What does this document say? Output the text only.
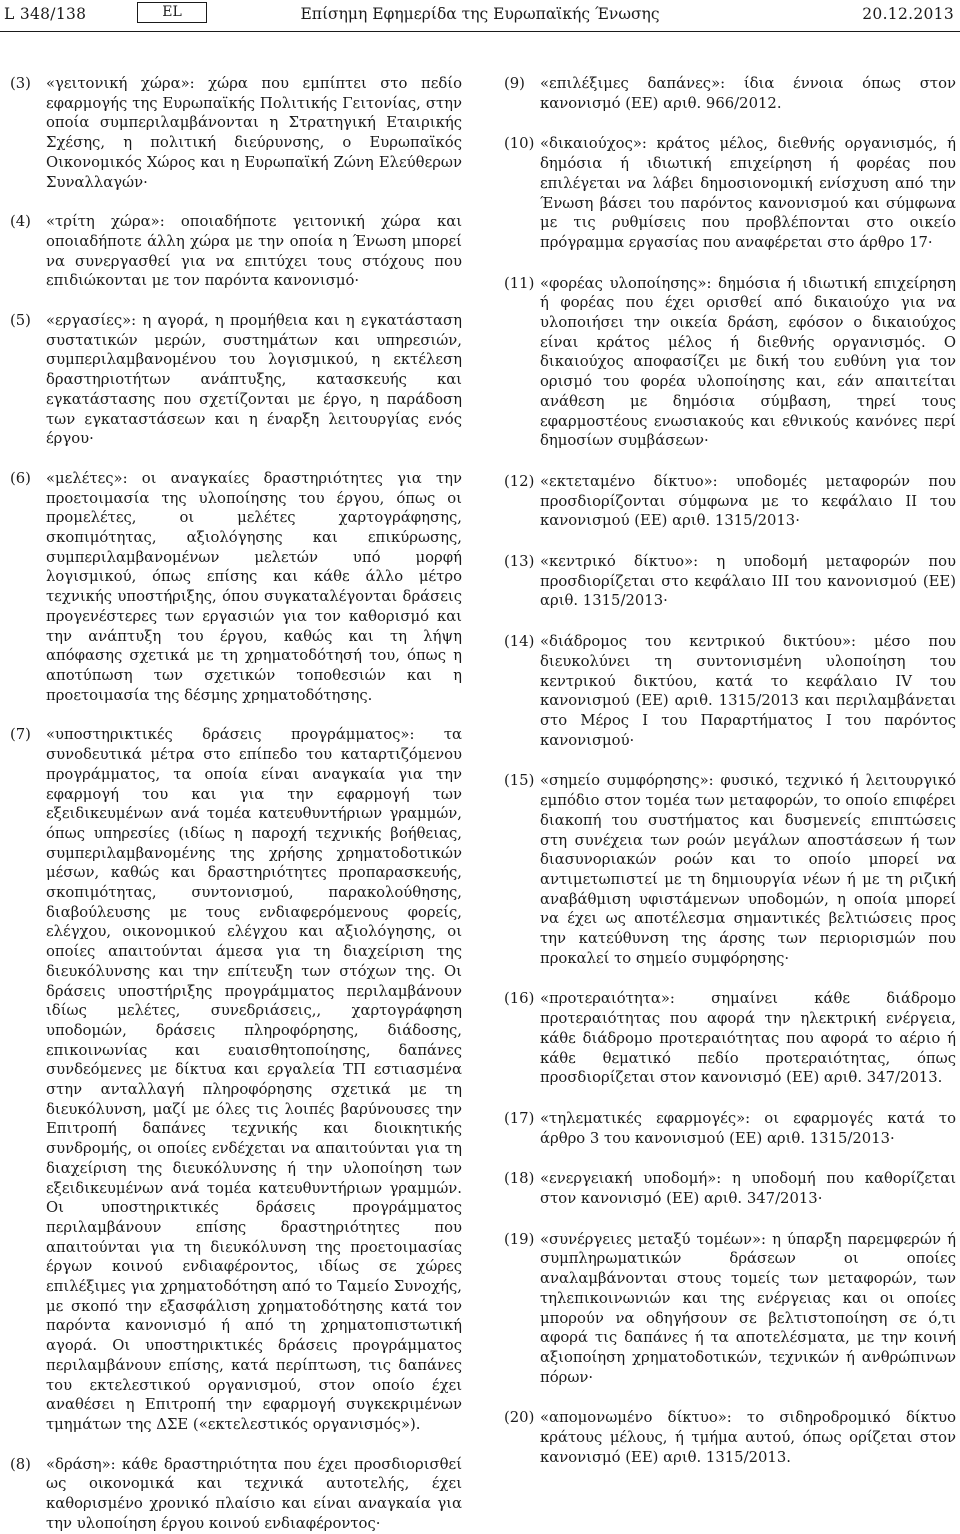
L 348/138	EL	Επίσημη Εφημερίδα της Ευρωπαϊκής Ένωσης	20.12.2013
(3)	«γειτονική χώρα»: χώρα που εμπίπτει στο πεδίο εφαρμογής της Ευρωπαϊκής Πολιτικής Γειτονίας, στην οποία συμπεριλαμβάνονται η Στρατηγική Εταιρικής Σχέσης, η πολιτική διεύρυνσης, ο Ευρωπαϊκός Οικονομικός Χώρος και η Ευρωπαϊκή Ζώνη Ελεύθερων Συναλλαγών·
(4)	«τρίτη χώρα»: οποιαδήποτε γειτονική χώρα και οποιαδήποτε άλλη χώρα με την οποία η Ένωση μπορεί να συνεργασθεί για να επιτύχει τους στόχους που επιδιώκονται με τον παρόντα κανονισμό·
(5)	«εργασίες»: η αγορά, η προμήθεια και η εγκατάσταση συστατικών μερών, συστημάτων και υπηρεσιών, συμπεριλαμβανομένου του λογισμικού, η εκτέλεση δραστηριοτήτων ανάπτυξης, κατασκευής και εγκατάστασης που σχετίζονται με έργο, η παράδοση των εγκαταστάσεων και η έναρξη λειτουργίας ενός έργου·
(6)	«μελέτες»: οι αναγκαίες δραστηριότητες για την προετοιμασία της υλοποίησης του έργου, όπως οι προμελέτες, οι μελέτες χαρτογράφησης, σκοπιμότητας, αξιολόγησης και επικύρωσης, συμπεριλαμβανομένων μελετών υπό μορφή λογισμικού, όπως επίσης και κάθε άλλο μέτρο τεχνικής υποστήριξης, όπου συγκαταλέγονται δράσεις προγενέστερες των εργασιών για τον καθορισμό και την ανάπτυξη του έργου, καθώς και τη λήψη απόφασης σχετικά με τη χρηματοδότησή του, όπως η αποτύπωση των σχετικών τοποθεσιών και η προετοιμασία της δέσμης χρηματοδότησης.
(7)	«υποστηρικτικές δράσεις προγράμματος»: τα συνοδευτικά μέτρα στο επίπεδο του καταρτιζόμενου προγράμματος, τα οποία είναι αναγκαία για την εφαρμογή του και για την εφαρμογή των εξειδικευμένων ανά τομέα κατευθυντήριων γραμμών, όπως υπηρεσίες (ιδίως η παροχή τεχνικής βοήθειας, συμπεριλαμβανομένης της χρήσης χρηματοδοτικών μέσων, καθώς και δραστηριότητες προπαρασκευής, σκοπιμότητας, συντονισμού, παρακολούθησης, διαβούλευσης με τους ενδιαφερόμενους φορείς, ελέγχου, οικονομικού ελέγχου και αξιολόγησης, οι οποίες απαιτούνται άμεσα για τη διαχείριση της διευκόλυνσης και την επίτευξη των στόχων της. Οι δράσεις υποστήριξης προγράμματος περιλαμβάνουν ιδίως μελέτες, συνεδριάσεις,, χαρτογράφηση υποδομών, δράσεις πληροφόρησης, διάδοσης, επικοινωνίας και ευαισθητοποίησης, δαπάνες συνδεόμενες με δίκτυα και εργαλεία ΤΠ εστιασμένα στην ανταλλαγή πληροφόρησης σχετικά με τη διευκόλυνση, μαζί με όλες τις λοιπές βαρύνουσες την Επιτροπή δαπάνες τεχνικής και διοικητικής συνδρομής, οι οποίες ενδέχεται να απαιτούνται για τη διαχείριση της διευκόλυνσης ή την υλοποίηση των εξειδικευμένων ανά τομέα κατευθυντήριων γραμμών. Οι υποστηρικτικές δράσεις προγράμματος περιλαμβάνουν επίσης δραστηριότητες που απαιτούνται για τη διευκόλυνση της προετοιμασίας έργων κοινού ενδιαφέροντος, ιδίως σε χώρες επιλέξιμες για χρηματοδότηση από το Ταμείο Συνοχής, με σκοπό την εξασφάλιση χρηματοδότησης κατά τον παρόντα κανονισμό ή από τη χρηματοπιστωτική αγορά. Οι υποστηρικτικές δράσεις προγράμματος περιλαμβάνουν επίσης, κατά περίπτωση, τις δαπάνες του εκτελεστικού οργανισμού, στον οποίο έχει αναθέσει η Επιτροπή την εφαρμογή συγκεκριμένων τμημάτων της ΔΣΕ («εκτελεστικός οργανισμός»).
(8)	«δράση»: κάθε δραστηριότητα που έχει προσδιορισθεί ως οικονομικά και τεχνικά αυτοτελής, έχει καθορισμένο χρονικό πλαίσιο και είναι αναγκαία για την υλοποίηση έργου κοινού ενδιαφέροντος·
(9)	«επιλέξιμες δαπάνες»: ίδια έννοια όπως στον κανονισμό (ΕΕ) αριθ. 966/2012.
(10) «δικαιούχος»: κράτος μέλος, διεθνής οργανισμός, ή δημόσια ή ιδιωτική επιχείρηση ή φορέας που επιλέγεται να λάβει δημοσιονομική ενίσχυση από την Ένωση βάσει του παρόντος κανονισμού και σύμφωνα με τις ρυθμίσεις που προβλέπονται στο οικείο πρόγραμμα εργασίας που αναφέρεται στο άρθρο 17·
(11) «φορέας υλοποίησης»: δημόσια ή ιδιωτική επιχείρηση ή φορέας που έχει ορισθεί από δικαιούχο για να υλοποιήσει την οικεία δράση, εφόσον ο δικαιούχος είναι κράτος μέλος ή διεθνής οργανισμός. Ο δικαιούχος αποφασίζει με δική του ευθύνη για τον ορισμό του φορέα υλοποίησης και, εάν απαιτείται ανάθεση με δημόσια σύμβαση, τηρεί τους εφαρμοστέους ενωσιακούς και εθνικούς κανόνες περί δημοσίων συμβάσεων·
(12) «εκτεταμένο δίκτυο»: υποδομές μεταφορών που προσδιορίζονται σύμφωνα με το κεφάλαιο ΙΙ του κανονισμού (ΕΕ) αριθ. 1315/2013·
(13) «κεντρικό δίκτυο»: η υποδομή μεταφορών που προσδιορίζεται στο κεφάλαιο ΙΙΙ του κανονισμού (ΕΕ) αριθ. 1315/2013·
(14) «διάδρομος του κεντρικού δικτύου»: μέσο που διευκολύνει τη συντονισμένη υλοποίηση του κεντρικού δικτύου, κατά το κεφάλαιο IV του κανονισμού (ΕΕ) αριθ. 1315/2013 και περιλαμβάνεται στο Μέρος Ι του Παραρτήματος Ι του παρόντος κανονισμού·
(15) «σημείο συμφόρησης»: φυσικό, τεχνικό ή λειτουργικό εμπόδιο στον τομέα των μεταφορών, το οποίο επιφέρει διακοπή του συστήματος και δυσμενείς επιπτώσεις στη συνέχεια των ροών μεγάλων αποστάσεων ή των διασυνοριακών ροών και το οποίο μπορεί να αντιμετωπιστεί με τη δημιουργία νέων ή με τη ριζική αναβάθμιση υφιστάμενων υποδομών, η οποία μπορεί να έχει ως αποτέλεσμα σημαντικές βελτιώσεις προς την κατεύθυνση της άρσης των περιορισμών που προκαλεί το σημείο συμφόρησης·
(16) «προτεραιότητα»: σημαίνει κάθε διάδρομο προτεραιότητας που αφορά την ηλεκτρική ενέργεια, κάθε διάδρομο προτεραιότητας που αφορά το αέριο ή κάθε θεματικό πεδίο προτεραιότητας, όπως προσδιορίζεται στον κανονισμό (ΕΕ) αριθ. 347/2013.
(17) «τηλεματικές εφαρμογές»: οι εφαρμογές κατά το άρθρο 3 του κανονισμού (ΕΕ) αριθ. 1315/2013·
(18) «ενεργειακή υποδομή»: η υποδομή που καθορίζεται στον κανονισμό (ΕΕ) αριθ. 347/2013·
(19) «συνέργειες μεταξύ τομέων»: η ύπαρξη παρεμφερών ή συμπληρωματικών δράσεων οι οποίες αναλαμβάνονται στους τομείς των μεταφορών, των τηλεπικοινωνιών και της ενέργειας και οι οποίες μπορούν να οδηγήσουν σε βελτιστοποίηση σε ό,τι αφορά τις δαπάνες ή τα αποτελέσματα, με την κοινή αξιοποίηση χρηματοδοτικών, τεχνικών ή ανθρώπινων πόρων·
(20) «απομονωμένο δίκτυο»: το σιδηροδρομικό δίκτυο κράτους μέλους, ή τμήμα αυτού, όπως ορίζεται στον κανονισμό (ΕΕ) αριθ. 1315/2013.
